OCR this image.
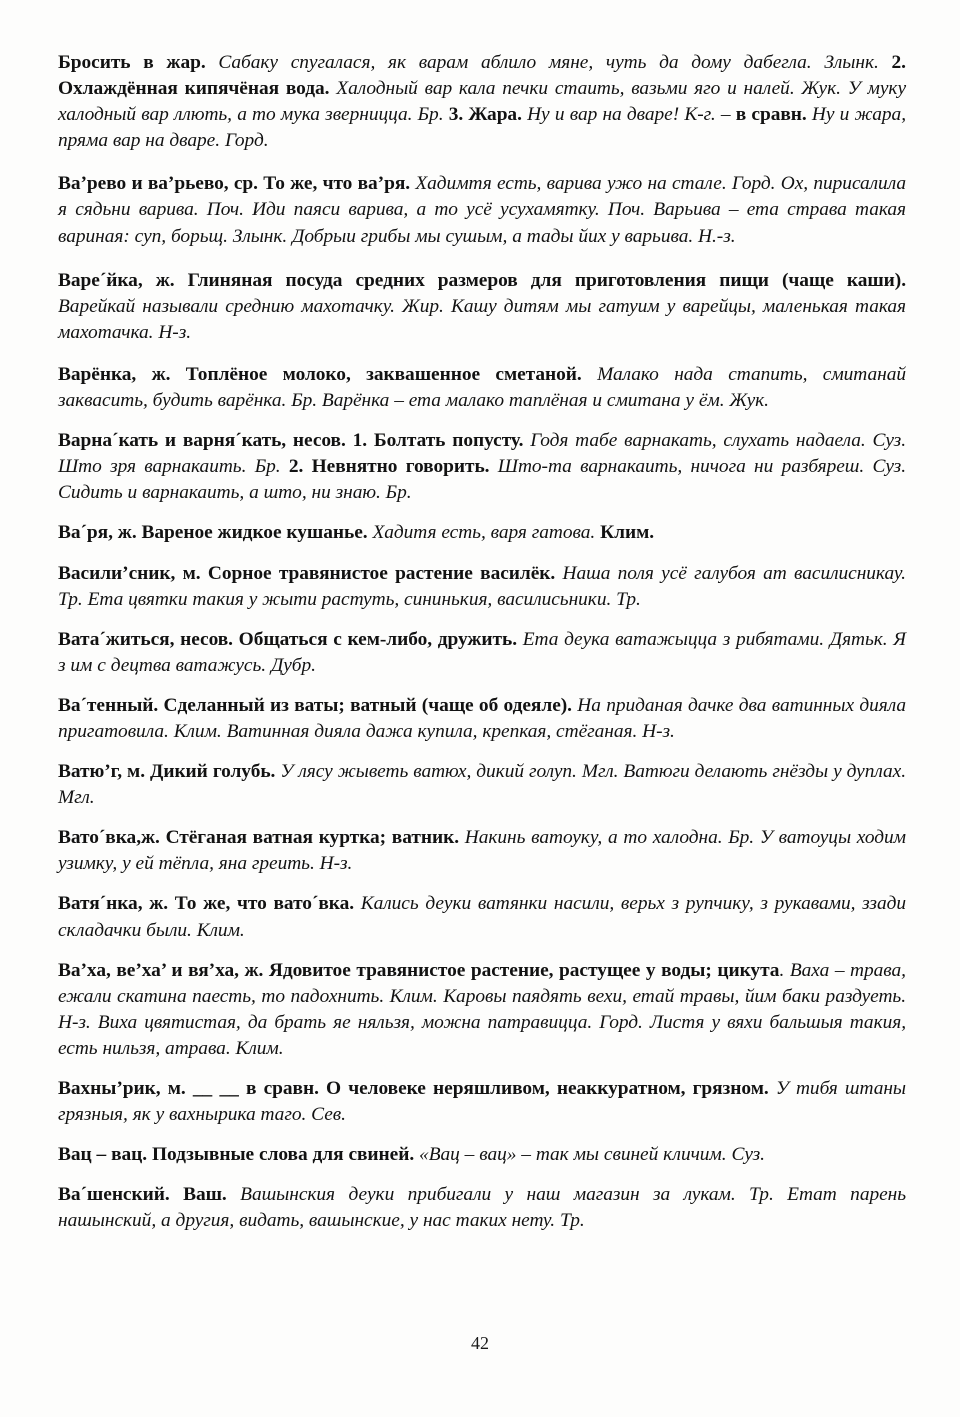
Бросить в жар. Сабаку спугалася, як варам аблило мяне, чуть да дому дабегла. Злынк. 2. Охлаждённая кипячёная вода. Халодный вар кала печки стаить, вазьми яго и налей. Жук. У муку халодный вар ллють, а то мука зверницца. Бр. 3. Жара. Ну и вар на дваре! К-г. – в сравн. Ну и жара, пряма вар на дваре. Горд.

Ва’рево и ва’рьево, ср. То же, что ва’ря. Хадимтя есть, варива ужо на стале. Горд. Ох, пирисалила я сядьни варива. Поч. Иди паяси варива, а то усё усухамятку. Поч. Варьива – ета страва такая вариная: суп, борьщ. Злынк. Добрыи грибы мы сушым, а тады йих у варьива. Н.-з.

Варе´йка, ж. Глиняная посуда средних размеров для приготовления пищи (чаще каши). Варейкай называли среднию махотачку. Жир. Кашу дитям мы гатуим у варейцы, маленькая такая махотачка. Н-з.

Варёнка, ж. Топлёное молоко, заквашенное сметаной. Малако нада стапить, смитанай заквасить, будить варёнка. Бр. Варёнка – ета малако таплёная и смитана у ём. Жук.

Варна´кать и варня´кать, несов. 1. Болтать попусту. Годя табе варнакать, слухать надаела. Суз. Што зря варнакаить. Бр. 2. Невнятно говорить. Што-та варнакаить, ничога ни разбяреш. Суз. Сидить и варнакаить, а што, ни знаю. Бр.

Ва´ря, ж. Вареное жидкое кушанье. Хадитя есть, варя гатова. Клим.

Васили’сник, м. Сорное травянистое растение василёк. Наша поля усё галубоя ат василисникау. Тр. Ета цвятки такия у жыти растуть, сининькия, василисьники. Тр.

Вата´житься, несов. Общаться с кем-либо, дружить. Ета деука ватажыцца з рибятами. Дятьк. Я з им с децтва ватажусь. Дубр.

Ва´тенный. Сделанный из ваты; ватный (чаще об одеяле). На приданая дачке два ватинных дияла пригатовила. Клим. Ватинная дияла дажа купила, крепкая, стёганая. Н-з.

Ватю’г, м. Дикий голубь. У лясу жыветь ватюх, дикий голуп. Мгл. Ватюги делають гнёзды у дуплах. Мгл.

Вато´вка,ж. Стёганая ватная куртка; ватник. Накинь ватоуку, а то халодна. Бр. У ватоуцы ходим узимку, у ей тёпла, яна греить. Н-з.

Ватя´нка, ж. То же, что вато´вка. Кались деуки ватянки насили, верьх з рупчику, з рукавами, ззади складачки были. Клим.

Ва’ха, ве’ха’ и вя’ха, ж. Ядовитое травянистое растение, растущее у воды; цикута. Ваха – трава, ежали скатина паесть, то падохнить. Клим. Каровы паядять вехи, етай травы, йим баки раздуеть. Н-з. Виха цвятистая, да брать яе няльзя, можна патравицца. Горд. Листя у вяхи бальшыя такия, есть нильзя, атрава. Клим.

Вахны’рик, м. __ __ в сравн. О человеке неряшливом, неаккуратном, грязном. У тибя штаны грязныя, як у вахнырика таго. Сев.

Вац – вац. Подзывные слова для свиней. «Вац – вац» – так мы свиней кличим. Суз.

Ва´шенский. Ваш. Вашынския деуки прибигали у наш магазин за лукам. Тр. Етат парень нашынский, а другия, видать, вашынские, у нас таких нету. Тр.

42
